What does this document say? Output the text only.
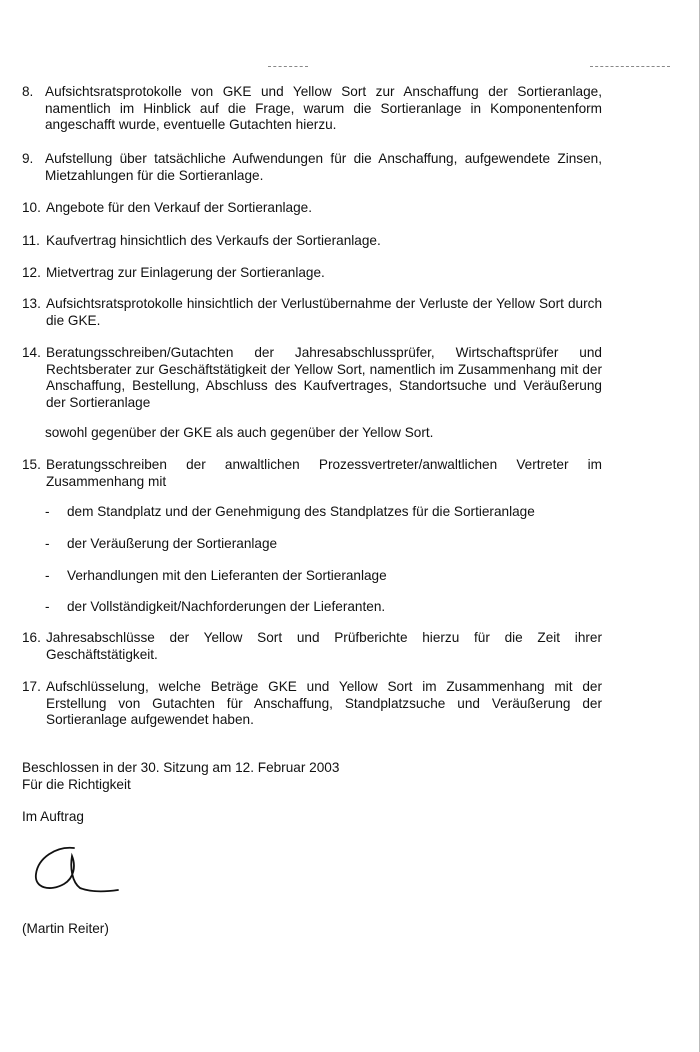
8. Aufsichtsratsprotokolle von GKE und Yellow Sort zur Anschaffung der Sortieranlage, namentlich im Hinblick auf die Frage, warum die Sortieranlage in Komponentenform angeschafft wurde, eventuelle Gutachten hierzu.
9. Aufstellung über tatsächliche Aufwendungen für die Anschaffung, aufgewendete Zinsen, Mietzahlungen für die Sortieranlage.
10. Angebote für den Verkauf der Sortieranlage.
11. Kaufvertrag hinsichtlich des Verkaufs der Sortieranlage.
12. Mietvertrag zur Einlagerung der Sortieranlage.
13. Aufsichtsratsprotokolle hinsichtlich der Verlustübernahme der Verluste der Yellow Sort durch die GKE.
14. Beratungsschreiben/Gutachten der Jahresabschlussprüfer, Wirtschaftsprüfer und Rechtsberater zur Geschäftstätigkeit der Yellow Sort, namentlich im Zusammenhang mit der Anschaffung, Bestellung, Abschluss des Kaufvertrages, Standortsuche und Veräußerung der Sortieranlage
sowohl gegenüber der GKE als auch gegenüber der Yellow Sort.
15. Beratungsschreiben der anwaltlichen Prozessvertreter/anwaltlichen Vertreter im Zusammenhang mit
- dem Standplatz und der Genehmigung des Standplatzes für die Sortieranlage
- der Veräußerung der Sortieranlage
- Verhandlungen mit den Lieferanten der Sortieranlage
- der Vollständigkeit/Nachforderungen der Lieferanten.
16. Jahresabschlüsse der Yellow Sort und Prüfberichte hierzu für die Zeit ihrer Geschäftstätigkeit.
17. Aufschlüsselung, welche Beträge GKE und Yellow Sort im Zusammenhang mit der Erstellung von Gutachten für Anschaffung, Standplatzsuche und Veräußerung der Sortieranlage aufgewendet haben.
Beschlossen in der 30. Sitzung am 12. Februar 2003
Für die Richtigkeit
Im Auftrag
(Martin Reiter)
